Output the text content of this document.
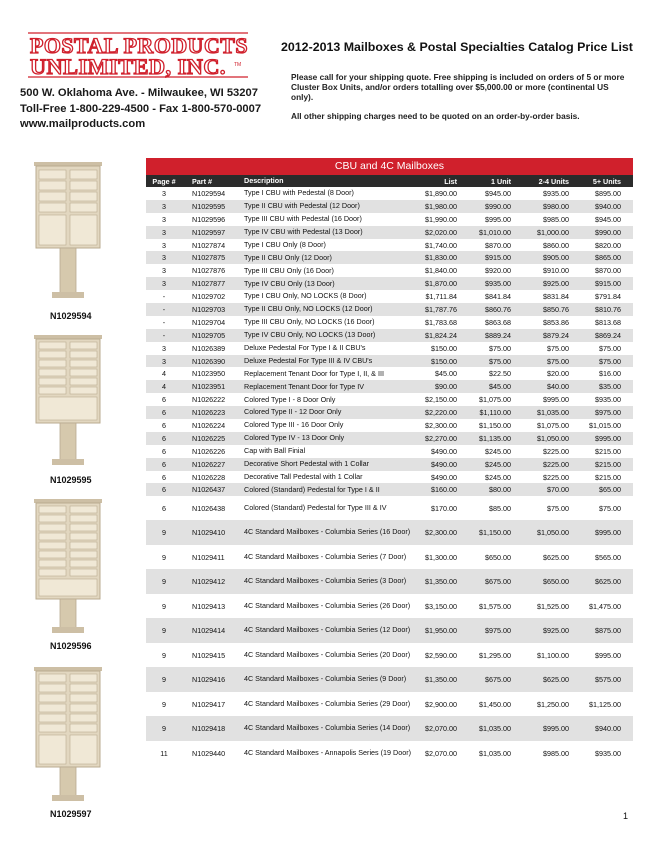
POSTAL PRODUCTS
UNLIMITED, INC. TM
500 W. Oklahoma Ave. - Milwaukee, WI 53207
Toll-Free 1-800-229-4500 - Fax 1-800-570-0007
www.mailproducts.com
2012-2013 Mailboxes & Postal Specialties Catalog Price List

Please call for your shipping quote. Free shipping is included on orders of 5 or more Cluster Box Units, and/or orders totalling over $5,000.00 or more (continental US only).

All other shipping charges need to be quoted on an order-by-order basis.

N1029594
N1029595
N1029596
N1029597
CBU and 4C Mailboxes
Page #	Part #	Description	List	1 Unit	2-4 Units	5+ Units
3	N1029594	Type I CBU with Pedestal (8 Door)	$1,890.00	$945.00	$935.00	$895.00
3	N1029595	Type II CBU with Pedestal (12 Door)	$1,980.00	$990.00	$980.00	$940.00
3	N1029596	Type III CBU with Pedestal (16 Door)	$1,990.00	$995.00	$985.00	$945.00
3	N1029597	Type IV CBU with Pedestal (13 Door)	$2,020.00	$1,010.00	$1,000.00	$990.00
3	N1027874	Type I CBU Only (8 Door)	$1,740.00	$870.00	$860.00	$820.00
3	N1027875	Type II CBU Only (12 Door)	$1,830.00	$915.00	$905.00	$865.00
3	N1027876	Type III CBU Only (16 Door)	$1,840.00	$920.00	$910.00	$870.00
3	N1027877	Type IV CBU Only (13 Door)	$1,870.00	$935.00	$925.00	$915.00
-	N1029702	Type I CBU Only, NO LOCKS (8 Door)	$1,711.84	$841.84	$831.84	$791.84
-	N1029703	Type II CBU Only, NO LOCKS (12 Door)	$1,787.76	$860.76	$850.76	$810.76
-	N1029704	Type III CBU Only, NO LOCKS (16 Door)	$1,783.68	$863.68	$853.86	$813.68
-	N1029705	Type IV CBU Only, NO LOCKS (13 Door)	$1,824.24	$889.24	$879.24	$869.24
3	N1026389	Deluxe Pedestal For Type I & II CBU's	$150.00	$75.00	$75.00	$75.00
3	N1026390	Deluxe Pedestal For Type III & IV CBU's	$150.00	$75.00	$75.00	$75.00
4	N1023950	Replacement Tenant Door for Type I, II, & III	$45.00	$22.50	$20.00	$16.00
4	N1023951	Replacement Tenant Door for Type IV	$90.00	$45.00	$40.00	$35.00
6	N1026222	Colored Type I - 8 Door Only	$2,150.00	$1,075.00	$995.00	$935.00
6	N1026223	Colored Type II - 12 Door Only	$2,220.00	$1,110.00	$1,035.00	$975.00
6	N1026224	Colored Type III - 16 Door Only	$2,300.00	$1,150.00	$1,075.00	$1,015.00
6	N1026225	Colored Type IV - 13 Door Only	$2,270.00	$1,135.00	$1,050.00	$995.00
6	N1026226	Cap with Ball Finial	$490.00	$245.00	$225.00	$215.00
6	N1026227	Decorative Short Pedestal with 1 Collar	$490.00	$245.00	$225.00	$215.00
6	N1026228	Decorative Tall Pedestal with 1 Collar	$490.00	$245.00	$225.00	$215.00
6	N1026437	Colored (Standard) Pedestal for Type I & II	$160.00	$80.00	$70.00	$65.00
6	N1026438	Colored (Standard) Pedestal for Type III & IV	$170.00	$85.00	$75.00	$75.00
9	N1029410	4C Standard Mailboxes - Columbia Series (16 Door)	$2,300.00	$1,150.00	$1,050.00	$995.00
9	N1029411	4C Standard Mailboxes - Columbia Series (7 Door)	$1,300.00	$650.00	$625.00	$565.00
9	N1029412	4C Standard Mailboxes - Columbia Series (3 Door)	$1,350.00	$675.00	$650.00	$625.00
9	N1029413	4C Standard Mailboxes - Columbia Series (26 Door)	$3,150.00	$1,575.00	$1,525.00	$1,475.00
9	N1029414	4C Standard Mailboxes - Columbia Series (12 Door)	$1,950.00	$975.00	$925.00	$875.00
9	N1029415	4C Standard Mailboxes - Columbia Series (20 Door)	$2,590.00	$1,295.00	$1,100.00	$995.00
9	N1029416	4C Standard Mailboxes - Columbia Series (9 Door)	$1,350.00	$675.00	$625.00	$575.00
9	N1029417	4C Standard Mailboxes - Columbia Series (29 Door)	$2,900.00	$1,450.00	$1,250.00	$1,125.00
9	N1029418	4C Standard Mailboxes - Columbia Series (14 Door)	$2,070.00	$1,035.00	$995.00	$940.00
11	N1029440	4C Standard Mailboxes - Annapolis Series (19 Door)	$2,070.00	$1,035.00	$985.00	$935.00
1
